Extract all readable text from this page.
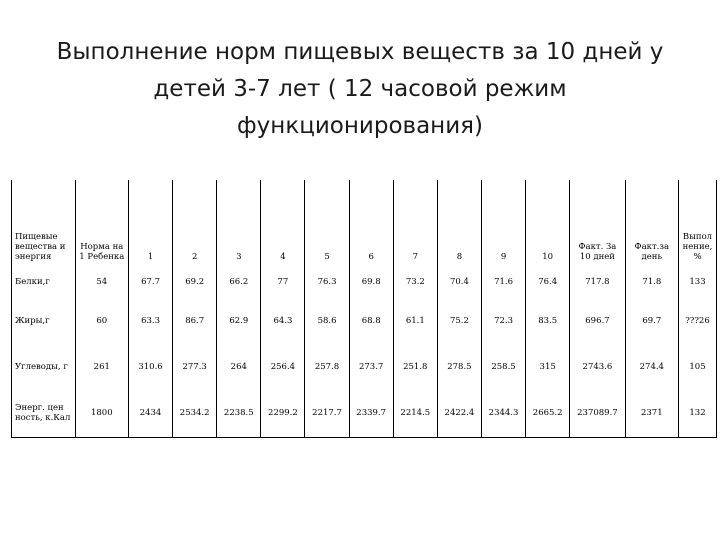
Выполнение норм пищевых веществ за 10 дней у
детей 3-7 лет ( 12 часовой режим
функционирования)
Пищевые вещества и энергия	Норма на 1 Ребенка	1	2	3	4	5	6	7	8	9	10	Факт. За 10 дней	Факт.за день	Выпол нение, %
Белки,г	54	67.7	69.2	66.2	77	76.3	69.8	73.2	70.4	71.6	76.4	717.8	71.8	133
Жиры,г	60	63.3	86.7	62.9	64.3	58.6	68.8	61.1	75.2	72.3	83.5	696.7	69.7	???26
Углеводы, г	261	310.6	277.3	264	256.4	257.8	273.7	251.8	278.5	258.5	315	2743.6	274.4	105
Энерг. цен ность, к.Кал	1800	2434	2534.2	2238.5	2299.2	2217.7	2339.7	2214.5	2422.4	2344.3	2665.2	237089.7	2371	132
